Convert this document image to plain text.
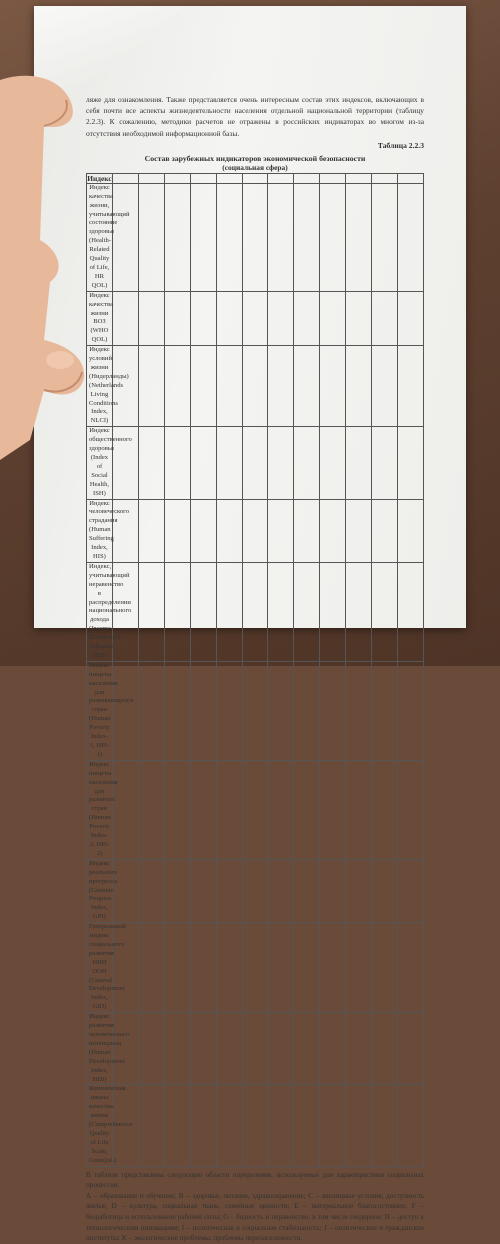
ляже для ознакомления. Также представляется очень интересным состав этих индексов, включающих в себя почти все аспекты жизнедеятельности населения отдельной национальной территории (таблицу 2.2.3). К сожалению, методики расчетов не отражены в российских индикаторах во многом из-за отсутствия необходимой информационной базы.

Таблица 2.2.3

Состав зарубежных индикаторов экономической безопасности

(социальная сфера)

Индекс												
Индекс качества жизни, учитывающий состояние здоровья (Health-Related Quality of Life, HR QOL)												
Индекс качества жизни ВОЗ (WHO QOL)												
Индекс условий жизни (Нидерланды) (Netherlands Living Conditions Index, NLCI)												
Индекс общественного здоровья (Index of Social Health, ISH)												
Индекс человеческого страдания (Human Suffering Index, HIS)												
Индекс, учитывающий неравенство в распределении национального дохода (Income-Distribution-Adjusted HDI)												
Индекс нищеты населения для развивающихся стран (Human Poverty Index-1, HPI-1)												
Индекс нищеты населения для развитых стран (Human Poverty Index-2, HPI-2)												
Индекс реального прогресса (Genuine Progress Index, GPI)												
Генеральный индекс социального развития НИИ ООН (General Development Index, GID)												
Индекс развития человеческого потенциала (Human Development Index, HDI)												
Комплексная шкала качества жизни (Comprehensive Quality of Life Scale, ComQoL)												

В таблице представлены следующие области определения, используемые для характеристики социальных процессов:
А – образование и обучение; В – здоровье, питание, здравоохранение; С – жилищные условия, доступность жилья; D – культура, социальная ткань, семейные ценности; E – материальное благосостояние; F – безработица и использование рабочей силы; G – бедность и неравенство, в том числе гендерное; H – доступ к технологическим инновациям; I – политическая и социальная стабильность; J – политические и гражданские институты; K – экологические проблемы, проблемы перенаселенности.
